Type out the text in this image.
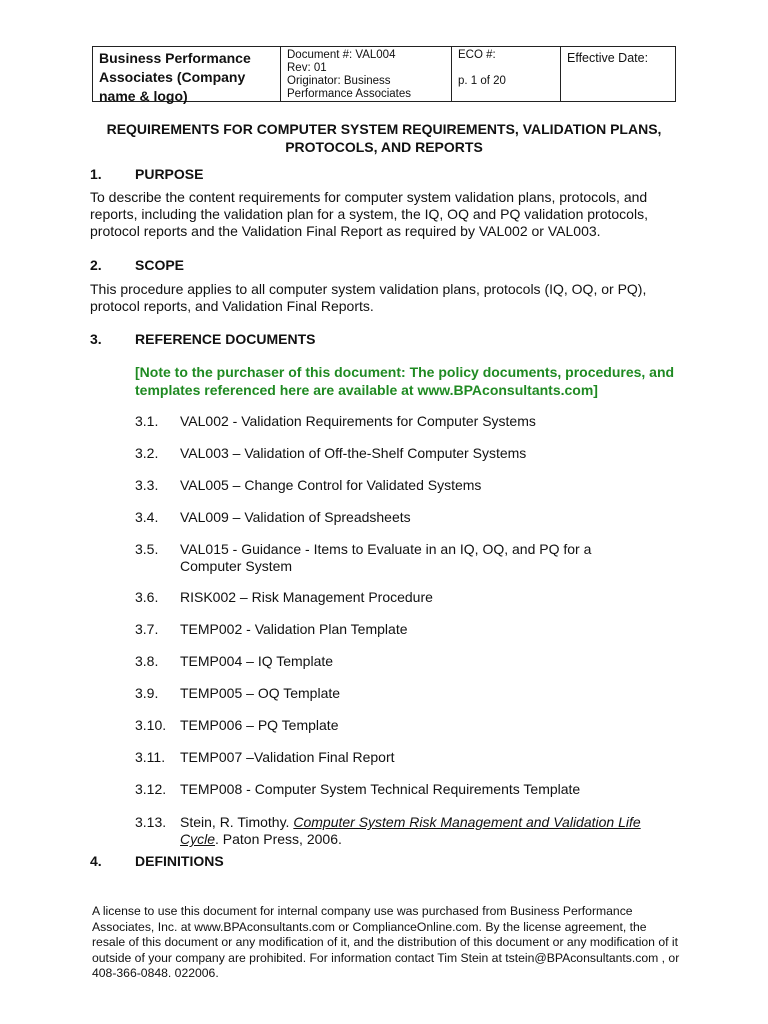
Business Performance Associates (Company name & logo)
Document #: VAL004
Rev: 01
Originator: Business Performance Associates
ECO #:
p. 1 of 20
Effective Date:
REQUIREMENTS FOR COMPUTER SYSTEM REQUIREMENTS, VALIDATION PLANS,
PROTOCOLS, AND REPORTS
1. PURPOSE
To describe the content requirements for computer system validation plans, protocols, and reports, including the validation plan for a system, the IQ, OQ and PQ validation protocols, protocol reports and the Validation Final Report as required by VAL002 or VAL003.
2. SCOPE
This procedure applies to all computer system validation plans, protocols (IQ, OQ, or PQ), protocol reports, and Validation Final Reports.
3. REFERENCE DOCUMENTS
[Note to the purchaser of this document: The policy documents, procedures, and templates referenced here are available at www.BPAconsultants.com]
3.1.	VAL002 - Validation Requirements for Computer Systems
3.2.	VAL003 – Validation of Off-the-Shelf Computer Systems
3.3.	VAL005 – Change Control for Validated Systems
3.4.	VAL009 – Validation of Spreadsheets
3.5.	VAL015 - Guidance - Items to Evaluate in an IQ, OQ, and PQ for a Computer System
3.6.	RISK002 – Risk Management Procedure
3.7.	TEMP002 - Validation Plan Template
3.8.	TEMP004 – IQ Template
3.9.	TEMP005 – OQ Template
3.10. TEMP006 – PQ Template
3.11.	TEMP007 –Validation Final Report
3.12. TEMP008 - Computer System Technical Requirements Template
3.13. Stein, R. Timothy. Computer System Risk Management and Validation Life Cycle. Paton Press, 2006.
4. DEFINITIONS
A license to use this document for internal company use was purchased from Business Performance Associates, Inc. at www.BPAconsultants.com or ComplianceOnline.com. By the license agreement, the resale of this document or any modification of it, and the distribution of this document or any modification of it outside of your company are prohibited. For information contact Tim Stein at tstein@BPAconsultants.com , or 408-366-0848. 022006.
